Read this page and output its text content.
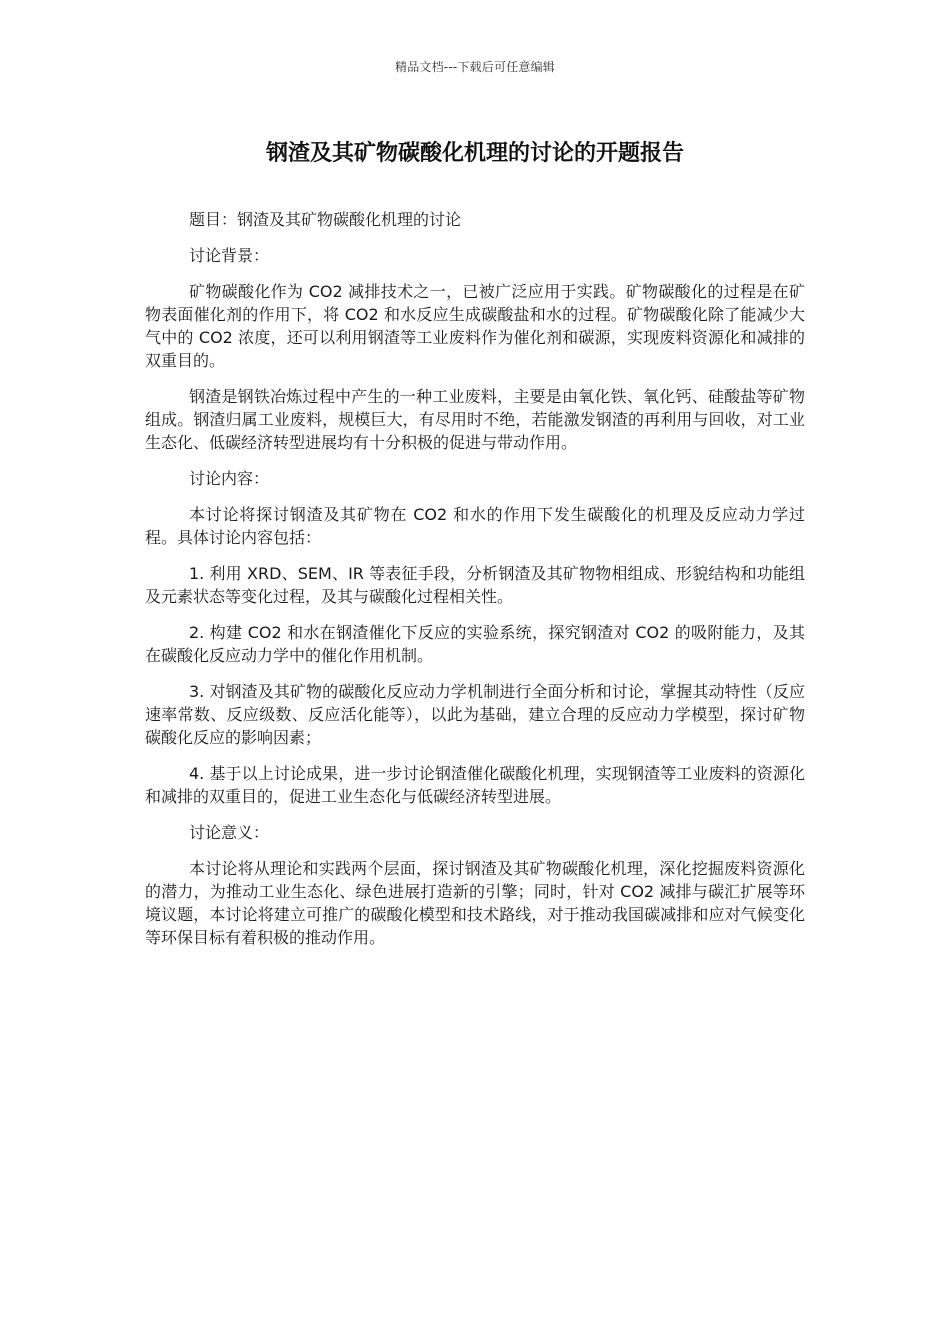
精品文档---下载后可任意编辑
钢渣及其矿物碳酸化机理的讨论的开题报告

题目：钢渣及其矿物碳酸化机理的讨论

讨论背景：

矿物碳酸化作为 CO2 减排技术之一，已被广泛应用于实践。矿物碳酸化的过程是在矿物表面催化剂的作用下，将 CO2 和水反应生成碳酸盐和水的过程。矿物碳酸化除了能减少大气中的 CO2 浓度，还可以利用钢渣等工业废料作为催化剂和碳源，实现废料资源化和减排的双重目的。

钢渣是钢铁冶炼过程中产生的一种工业废料，主要是由氧化铁、氧化钙、硅酸盐等矿物组成。钢渣归属工业废料，规模巨大，有尽用时不绝，若能激发钢渣的再利用与回收，对工业生态化、低碳经济转型进展均有十分积极的促进与带动作用。

讨论内容：

本讨论将探讨钢渣及其矿物在 CO2 和水的作用下发生碳酸化的机理及反应动力学过程。具体讨论内容包括：

1. 利用 XRD、SEM、IR 等表征手段，分析钢渣及其矿物物相组成、形貌结构和功能组及元素状态等变化过程，及其与碳酸化过程相关性。

2. 构建 CO2 和水在钢渣催化下反应的实验系统，探究钢渣对 CO2 的吸附能力，及其在碳酸化反应动力学中的催化作用机制。

3. 对钢渣及其矿物的碳酸化反应动力学机制进行全面分析和讨论，掌握其动特性（反应速率常数、反应级数、反应活化能等），以此为基础，建立合理的反应动力学模型，探讨矿物碳酸化反应的影响因素；

4. 基于以上讨论成果，进一步讨论钢渣催化碳酸化机理，实现钢渣等工业废料的资源化和减排的双重目的，促进工业生态化与低碳经济转型进展。

讨论意义：

本讨论将从理论和实践两个层面，探讨钢渣及其矿物碳酸化机理，深化挖掘废料资源化的潜力，为推动工业生态化、绿色进展打造新的引擎；同时，针对 CO2 减排与碳汇扩展等环境议题，本讨论将建立可推广的碳酸化模型和技术路线，对于推动我国碳减排和应对气候变化等环保目标有着积极的推动作用。
